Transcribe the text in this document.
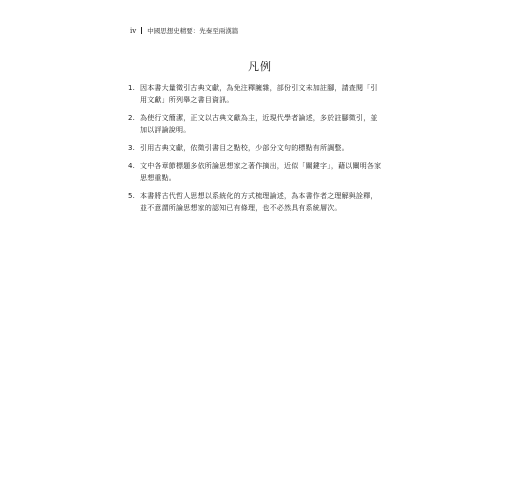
iv 中國思想史精要：先秦至兩漢篇
凡例
1. 因本書大量徵引古典文獻，為免注釋臃雜，部份引文未加註腳，請查閱「引用文獻」所列舉之書目資訊。
2. 為使行文簡潔，正文以古典文獻為主，近現代學者論述，多於註腳徵引，並加以評論說明。
3. 引用古典文獻，依徵引書目之點校，少部分文句的標點有所調整。
4. 文中各章節標題多依所論思想家之著作摘出，近似「關鍵字」，藉以闡明各家思想重點。
5. 本書將古代哲人思想以系統化的方式梳理論述，為本書作者之理解與詮釋，並不意謂所論思想家的認知已有條理，也不必然具有系統層次。
